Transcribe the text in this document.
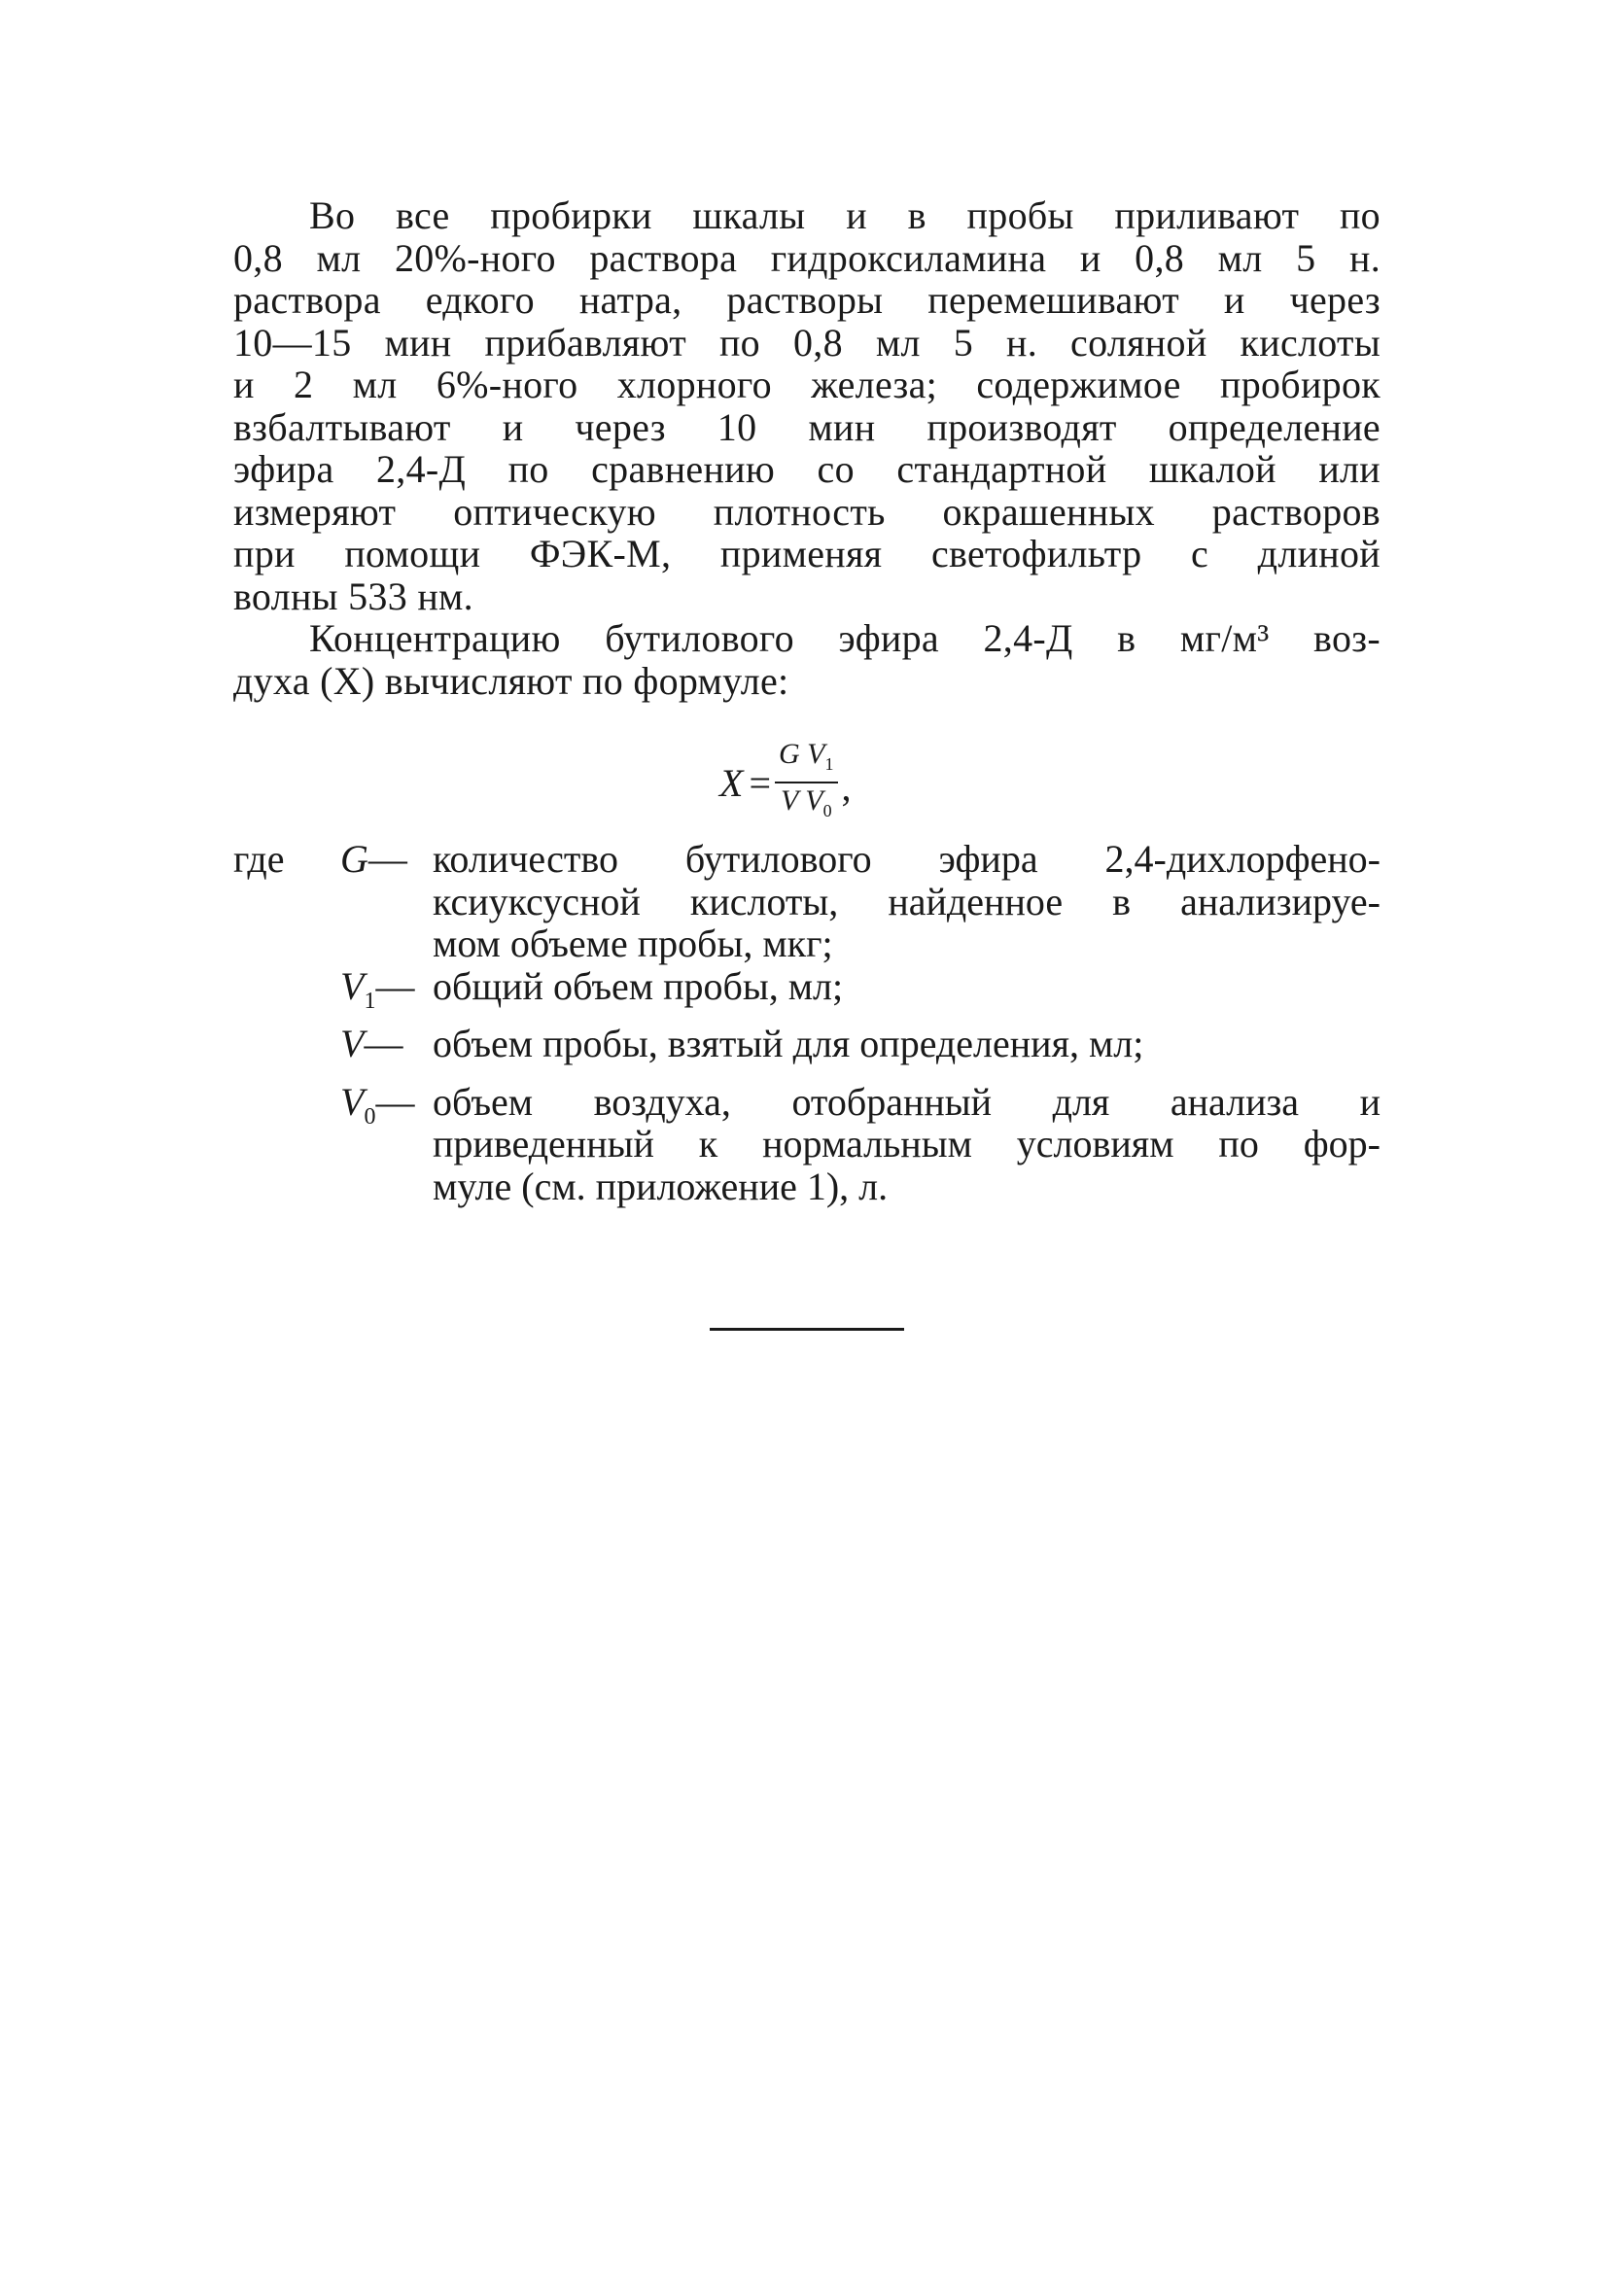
Во все пробирки шкалы и в пробы приливают по
0,8 мл 20%-ного раствора гидроксиламина и 0,8 мл 5 н.
раствора едкого натра, растворы перемешивают и через
10—15 мин прибавляют по 0,8 мл 5 н. соляной кислоты
и 2 мл 6%-ного хлорного железа; содержимое пробирок
взбалтывают и через 10 мин производят определение
эфира 2,4-Д по сравнению со стандартной шкалой или
измеряют оптическую плотность окрашенных растворов
при помощи ФЭК-М, применяя светофильтр с длиной
волны 533 нм.

Концентрацию бутилового эфира 2,4-Д в мг/м³ воз-
духа (X) вычисляют по формуле:

$X = \frac{G V_1}{V V_0}$ ,
где	G— количество бутилового эфира 2,4-дихлорфено-
ксиуксусной кислоты, найденное в анализируе-
мом объеме пробы, мкг;
$V_1—$ общий объем пробы, мл;
V— объем пробы, взятый для определения, мл;
$V_0—$ объем воздуха, отобранный для анализа и
приведенный к нормальным условиям по фор-
муле (см. приложение 1), л.
